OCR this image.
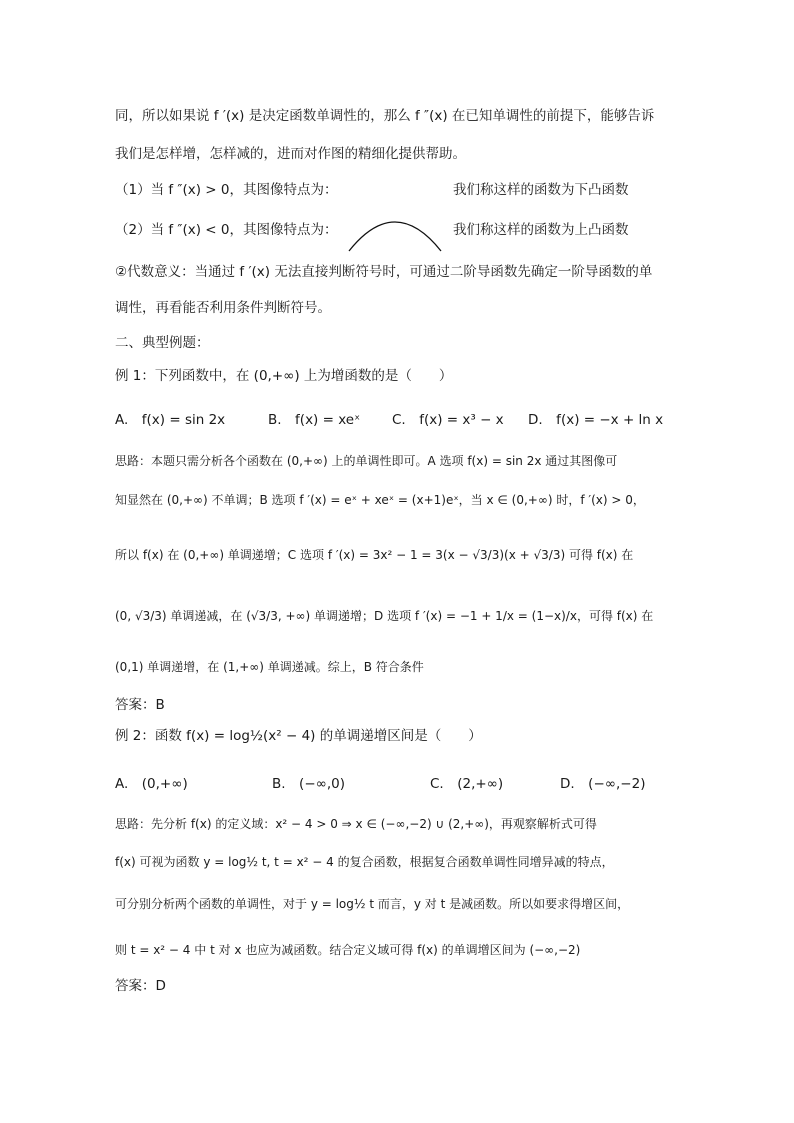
同，所以如果说 f ′(x) 是决定函数单调性的，那么 f ″(x) 在已知单调性的前提下，能够告诉
我们是怎样增，怎样减的，进而对作图的精细化提供帮助。
（1）当 f ″(x) > 0，其图像特点为：	我们称这样的函数为下凸函数
（2）当 f ″(x) < 0，其图像特点为：	我们称这样的函数为上凸函数
②代数意义：当通过 f ′(x) 无法直接判断符号时，可通过二阶导函数先确定一阶导函数的单
调性，再看能否利用条件判断符号。
二、典型例题：
例 1：下列函数中，在 (0,+∞) 上为增函数的是（　　）
A.　f(x) = sin 2x	B.　f(x) = xeˣ C.　f(x) = x³ − x D.　f(x) = −x + ln x
思路：本题只需分析各个函数在 (0,+∞) 上的单调性即可。A 选项 f(x) = sin 2x 通过其图像可
知显然在 (0,+∞) 不单调；B 选项 f ′(x) = eˣ + xeˣ = (x+1)eˣ，当 x ∈ (0,+∞) 时，f ′(x) > 0，
所以 f(x) 在 (0,+∞) 单调递增；C 选项 f ′(x) = 3x² − 1 = 3(x − √3/3)(x + √3/3) 可得 f(x) 在
(0, √3/3) 单调递减，在 (√3/3, +∞) 单调递增；D 选项 f ′(x) = −1 + 1/x = (1−x)/x，可得 f(x) 在
(0,1) 单调递增，在 (1,+∞) 单调递减。综上，B 符合条件
答案：B
例 2：函数 f(x) = log½(x² − 4) 的单调递增区间是（　　）
A.　(0,+∞)	B.　(−∞,0)	C.　(2,+∞)	D.　(−∞,−2)
思路：先分析 f(x) 的定义域：x² − 4 > 0 ⇒ x ∈ (−∞,−2) ∪ (2,+∞)，再观察解析式可得
f(x) 可视为函数 y = log½ t, t = x² − 4 的复合函数，根据复合函数单调性同增异减的特点，
可分别分析两个函数的单调性，对于 y = log½ t 而言，y 对 t 是减函数。所以如要求得增区间，
则 t = x² − 4 中 t 对 x 也应为减函数。结合定义域可得 f(x) 的单调增区间为 (−∞,−2)
答案：D
